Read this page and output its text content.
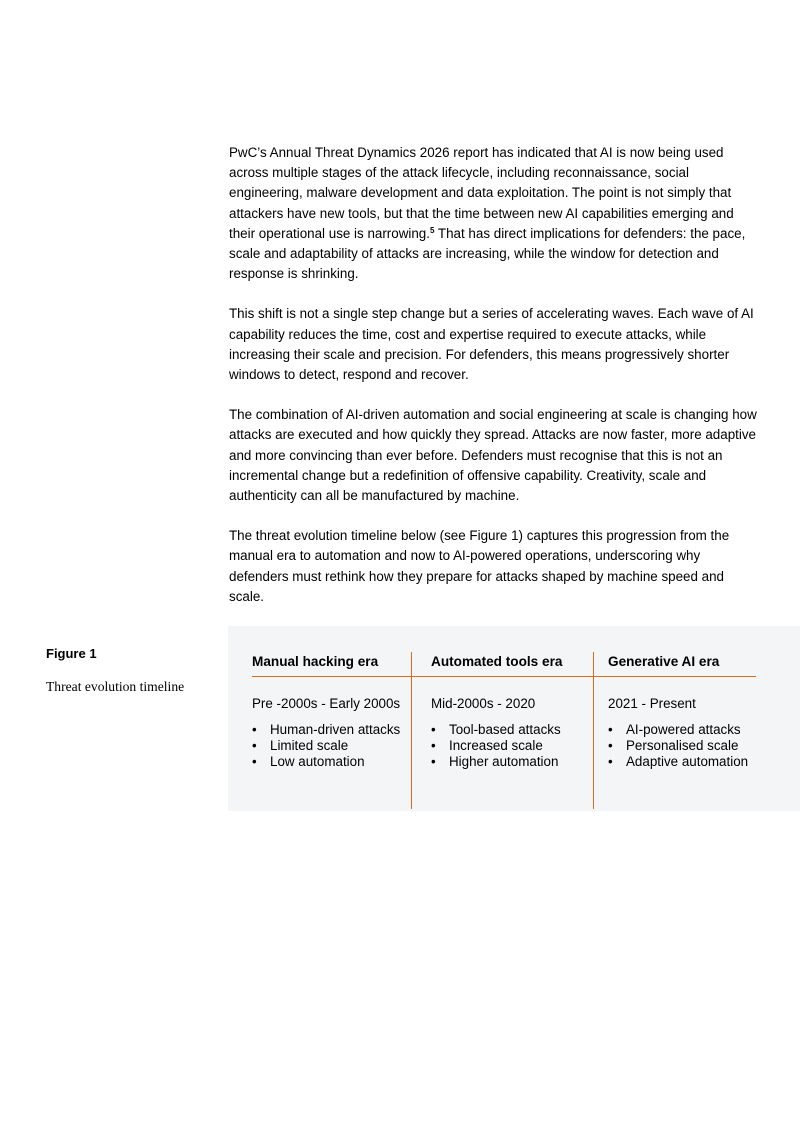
PwC’s Annual Threat Dynamics 2026 report has indicated that AI is now being used across multiple stages of the attack lifecycle, including reconnaissance, social engineering, malware development and data exploitation. The point is not simply that attackers have new tools, but that the time between new AI capabilities emerging and their operational use is narrowing.$^5$ That has direct implications for defenders: the pace, scale and adaptability of attacks are increasing, while the window for detection and response is shrinking.

This shift is not a single step change but a series of accelerating waves. Each wave of AI capability reduces the time, cost and expertise required to execute attacks, while increasing their scale and precision. For defenders, this means progressively shorter windows to detect, respond and recover.

The combination of AI-driven automation and social engineering at scale is changing how attacks are executed and how quickly they spread. Attacks are now faster, more adaptive and more convincing than ever before. Defenders must recognise that this is not an incremental change but a redefinition of offensive capability. Creativity, scale and authenticity can all be manufactured by machine.

The threat evolution timeline below (see Figure 1) captures this progression from the manual era to automation and now to AI-powered operations, underscoring why defenders must rethink how they prepare for attacks shaped by machine speed and scale.

Figure 1
Threat evolution timeline
Manual hacking era
Pre -2000s - Early 2000s
• Human-driven attacks
• Limited scale
• Low automation
Automated tools era
Mid-2000s - 2020
• Tool-based attacks
• Increased scale
• Higher automation
Generative AI era
2021 - Present
• AI-powered attacks
• Personalised scale
• Adaptive automation
